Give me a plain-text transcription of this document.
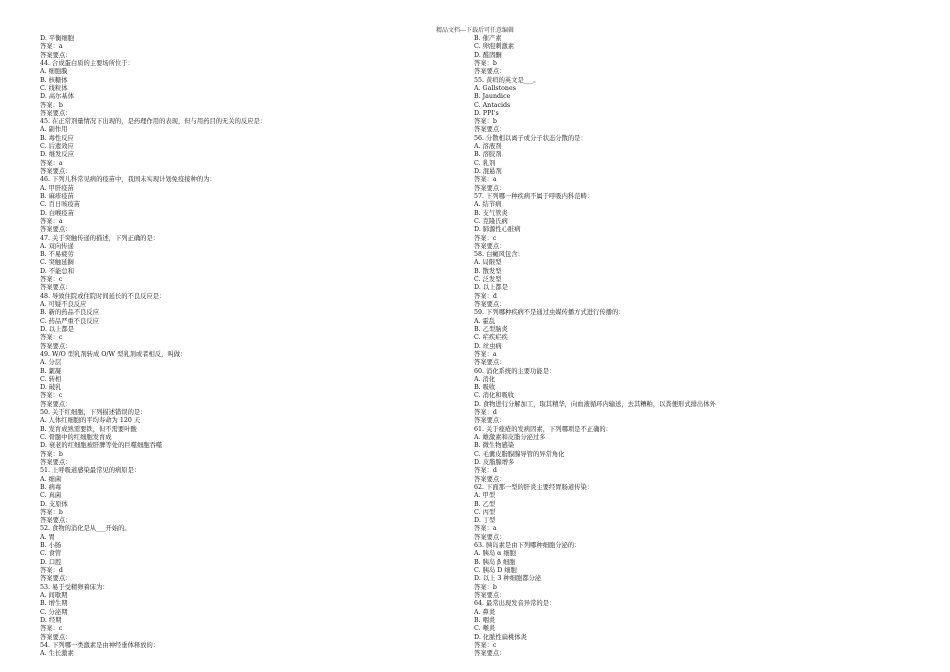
精品文档---下载后可任意编辑
D. 平衡细胞
答案：a
答案要点：
44. 合成蛋白质的主要场所位于：
A. 细胞膜
B. 核糖体
C. 线粒体
D. 高尔基体
答案：b
答案要点：
45. 在正常剂量情况下出现的，是药理作用的表现，但与用药目的无关的反应是：
A. 副作用
B. 毒性反应
C. 后遗效应
D. 继发反应
答案：a
答案要点：
46. 下列儿科常见病的疫苗中，我国未实现计划免疫接种的为：
A. 甲肝疫苗
B. 麻疹疫苗
C. 百日咳疫苗
D. 白喉疫苗
答案：a
答案要点：
47. 关于突触传递的描述，下列正确的是：
A. 双向传递
B. 不易疲劳
C. 突触延搁
D. 不能总和
答案：c
答案要点：
48. 导致住院或住院时间延长的不良反应是：
A. 可疑不良反应
B. 新的药品不良反应
C. 药品严重不良反应
D. 以上都是
答案：c
答案要点：
49. W/O 型乳剂转成 O/W 型乳剂或者相反，叫做：
A. 分层
B. 絮凝
C. 转相
D. 破乳
答案：c
答案要点：
50. 关于红细胞，下列描述错误的是：
A. 人体红细胞的平均寿命为 120 天
B. 发育成熟需要铁，但不需要叶酸
C. 骨髓中的红细胞发育成
D. 衰老的红细胞被肝脾等处的巨噬细胞吞噬
答案：b
答案要点：
51. 上呼吸道感染最常见的病原是：
A. 细菌
B. 病毒
C. 真菌
D. 支原体
答案：b
答案要点：
52. 食物的消化是从___开始的。
A. 胃
B. 小肠
C. 食管
D. 口腔
答案：d
答案要点：
53. 易于受精卵着床为：
A. 间歇期
B. 增生期
C. 分泌期
D. 经期
答案：c
答案要点：
54. 下列哪一类激素是由神经垂体释放的：
A. 生长激素
B. 催产素
C. 卵泡刺激素
D. 醛固酮
答案：b
答案要点：
55. 黄疸的英文是___。
A. Gallstones
B. Jaundice
C. Antacids
D. PPI's
答案：b
答案要点：
56. 分散相以离子或分子状态分散的是：
A. 溶液剂
B. 溶胶剂
C. 乳剂
D. 混悬剂
答案：a
答案要点：
57. 下列哪一种疾病不属于呼吸内科范畴：
A. 结节病
B. 支气管炎
C. 克隆氏病
D. 肺源性心脏病
答案：c
答案要点：
58. 白癜风包含：
A. 局限型
B. 散发型
C. 泛发型
D. 以上都是
答案：d
答案要点：
59. 下列哪种疾病不是通过虫媒传播方式进行传播的：
A. 霍乱
B. 乙型脑炎
C. 疟疾疟疾
D. 丝虫病
答案：a
答案要点：
60. 消化系统的主要功能是：
A. 消化
B. 吸收
C. 消化和吸收
D. 食物进行分解加工，取其精华，向血液循环内输送，去其糟粕，以粪便形式排出体外
答案：d
答案要点：
61. 关于痤疮的发病因素，下列哪项是不正确的：
A. 雄激素和皮脂分泌过多
B. 微生物感染
C. 毛囊皮脂腺腺导管的异常角化
D. 皮脂腺增多
答案：d
答案要点：
62. 下面那一型的肝炎主要经胃肠道传染：
A. 甲型
B. 乙型
C. 丙型
D. 丁型
答案：a
答案要点：
63. 胰岛素是由下列哪种细胞分泌的：
A. 胰岛 α 细胞
B. 胰岛 β 细胞
C. 胰岛 D 细胞
D. 以上 3 种细胞都分泌
答案：b
答案要点：
64. 最常出现发音异常的是：
A. 鼻炎
B. 咽炎
C. 喉炎
D. 化脓性扁桃体炎
答案：c
答案要点：
